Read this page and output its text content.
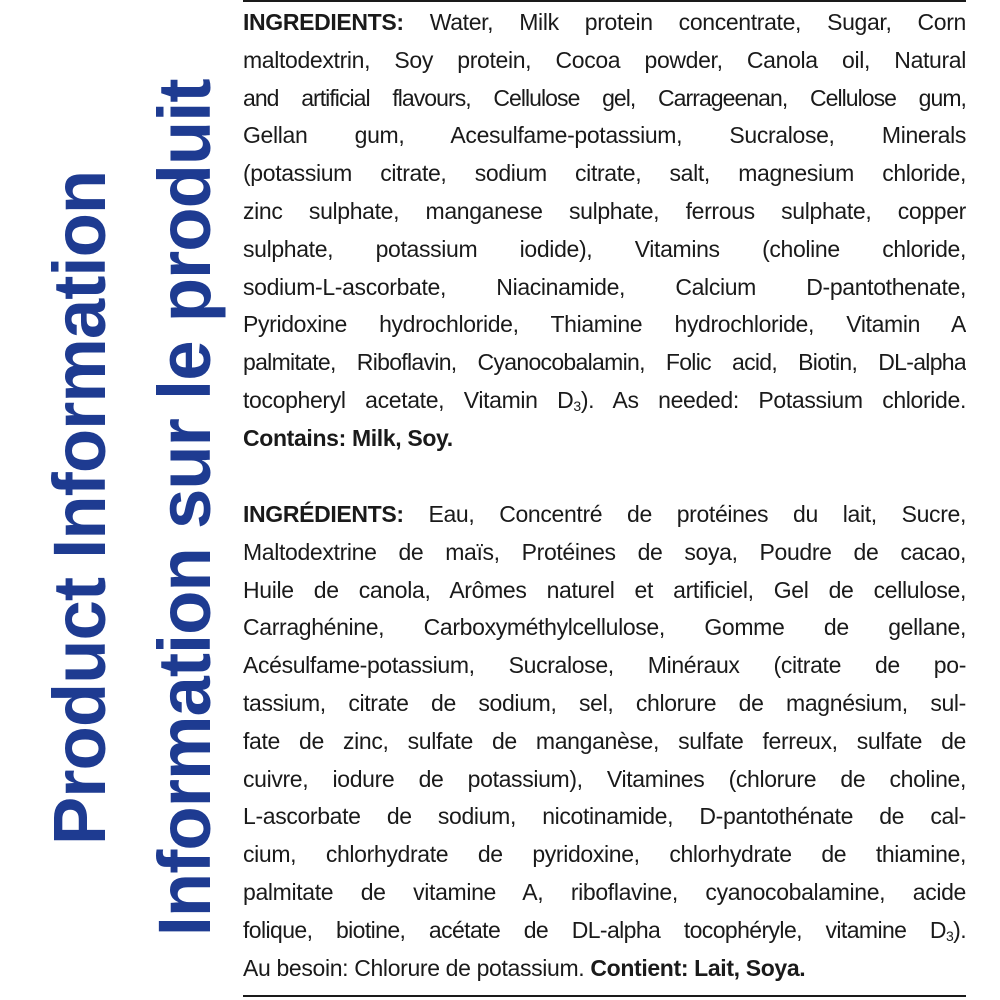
Product Information Information sur le produit
INGREDIENTS: Water, Milk protein concentrate, Sugar, Corn
maltodextrin, Soy protein, Cocoa powder, Canola oil, Natural
and artificial flavours, Cellulose gel, Carrageenan, Cellulose gum,
Gellan gum, Acesulfame-potassium, Sucralose, Minerals
(potassium citrate, sodium citrate, salt, magnesium chloride,
zinc sulphate, manganese sulphate, ferrous sulphate, copper
sulphate, potassium iodide), Vitamins (choline chloride,
sodium-L-ascorbate, Niacinamide, Calcium D-pantothenate,
Pyridoxine hydrochloride, Thiamine hydrochloride, Vitamin A
palmitate, Riboflavin, Cyanocobalamin, Folic acid, Biotin, DL-alpha
tocopheryl acetate, Vitamin $D_3$). As needed: Potassium chloride.
Contains: Milk, Soy.
INGRÉDIENTS: Eau, Concentré de protéines du lait, Sucre,
Maltodextrine de maïs, Protéines de soya, Poudre de cacao,
Huile de canola, Arômes naturel et artificiel, Gel de cellulose,
Carraghénine, Carboxyméthylcellulose, Gomme de gellane,
Acésulfame-potassium, Sucralose, Minéraux (citrate de po-
tassium, citrate de sodium, sel, chlorure de magnésium, sul-
fate de zinc, sulfate de manganèse, sulfate ferreux, sulfate de
cuivre, iodure de potassium), Vitamines (chlorure de choline,
L-ascorbate de sodium, nicotinamide, D-pantothénate de cal-
cium, chlorhydrate de pyridoxine, chlorhydrate de thiamine,
palmitate de vitamine A, riboflavine, cyanocobalamine, acide
folique, biotine, acétate de DL-alpha tocophéryle, vitamine $D_3$).
Au besoin: Chlorure de potassium. Contient: Lait, Soya.
